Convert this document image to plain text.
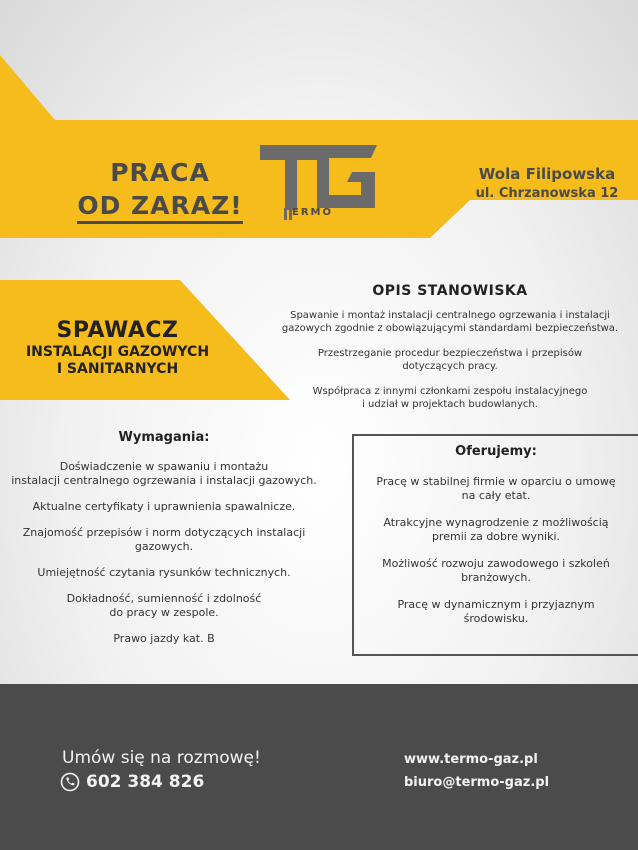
PRACA
OD ZARAZ!	ERMO
Wola Filipowska
ul. Chrzanowska 12
SPAWACZ
INSTALACJI GAZOWYCH
I SANITARNYCH
OPIS STANOWISKA

Spawanie i montaż instalacji centralnego ogrzewania i instalacji
gazowych zgodnie z obowiązującymi standardami bezpieczeństwa.

Przestrzeganie procedur bezpieczeństwa i przepisów
dotyczących pracy.

Współpraca z innymi członkami zespołu instalacyjnego
i udział w projektach budowlanych.

Wymagania:

Doświadczenie w spawaniu i montażu
instalacji centralnego ogrzewania i instalacji gazowych.

Aktualne certyfikaty i uprawnienia spawalnicze.

Znajomość przepisów i norm dotyczących instalacji
gazowych.

Umiejętność czytania rysunków technicznych.

Dokładność, sumienność i zdolność
do pracy w zespole.

Prawo jazdy kat. B

Oferujemy:

Pracę w stabilnej firmie w oparciu o umowę
na cały etat.

Atrakcyjne wynagrodzenie z możliwością
premii za dobre wyniki.

Możliwość rozwoju zawodowego i szkoleń
branżowych.

Pracę w dynamicznym i przyjaznym
środowisku.

Umów się na rozmowę!
602 384 826
www.termo-gaz.pl
biuro@termo-gaz.pl
